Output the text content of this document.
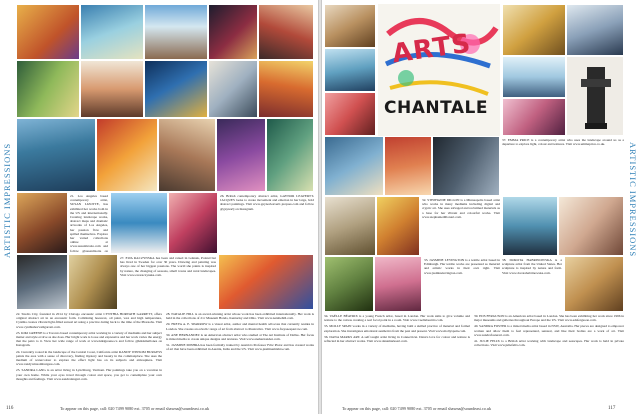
ARTISTIC IMPRESSIONS	21. Los Angeles based contemporary artist, SUSAN LIZOTTE, has exhibited her works both in the US and internationally. Creating landscape works, abstract maps and dramatic artworks of Los Angeles, her passion flow and spilled themselves. Explore her varied collections online at www.susanlizotte.com and follow @susanlizotte on
26. British contemporary abstract artist, GAYNOR LEAVERTT-JACQUES looks to create movement and emotion in her large, bold abstract paintings. Visit www.gaynorleavertt-jacques.com and follow @gaynorlj on Instagram.
27. EWA RACZYNSKA has been and raised in Gdansk, Poland but has lived in Sweden for over 30 years. Drawing and painting was always one of her biggest passions. The world she paints is inspired by nature, the changing of seasons, small towns and rural landscapes. Visit www.ewaraczynska.com.
22. Studio City, founded in 2014 by Chicago encaustic artist CYNTHIA HORVATH GARRETT, offers original abstract art in an encaustic form. Combining beeswax, oil paint, wax and high temperature, Cynthia creates vibrant light-filled surreal art using a practice dating back to the time of the Pharaohs. Visit www.cynthiahorvathgarrett.com.
23. KIKI GREENE is a Toronto based contemporary artist working in a variety of mediums and her subject matter and style evolve as she does. Her bright work is loose and expressive and her work varies the energy that the pairs to it. View her wide range of work at www.kikigreene.ca and follow @kikismallones on Instagram.
24. Currently rooted in the landscape of the Central Coast, California artist RANDY WINSOM BURGESS paints the area with a sense of discovery, finding mystery and beauty in the commonplace. She uses the medium of watercolour to explore the effect light has on its subjects and atmosphere. Visit www.randywinsomburgess.com.
25. SANDRA LANG is an artist living in Lynchburg, Vermont. Her paintings take you on a vacation in your own home. While your eyes travel through colour and space, you get to contemplate your own thoughts and feelings. Visit www.sandralangart.com.
28. NATALIE HILL is an award-winning artist whose work has been exhibited internationally. Her work is held in the collections of 21c Museum Hotels, Kentucky and Ohio. Visit www.nataliehill.com.
29. FREYA A. E. SPARROW is a visual artist, author and mental health advocate that currently resides in London. She creates an eclectic range of art from abstract to illustrative. Visit www.freyaaesparrow.com.
30. ANE HERNANDEZ is an American abstract artist who studied at The Art Institute of Dallas. Her focus is mixed media to create unique designs and textures. Visit www.anehernandez.com.
31. JASMINE MISHRA has been formally trained by Austria's Professor Fritz Pistor and has created works of art that have been exhibited in Austria, India and the US. Visit www.jasminemishra.com.
116	To appear on this page, call: 020 7499 9080 ext. 3705 or email shawna@soundeast.co.uk
ARTISTIC IMPRESSIONS
ARTS
CHANTALE
37. EMMA PRICE is a contemporary artist who uses the landscape around us as a departure to explore light, colour and textures. Visit www.emmaprice.co.uk.
32. STEPHANIE DILLON is a Minneapolis based artist who works in many mediums including digital and cryptic art. She uses salvaged and reclaimed materials as a base for her vibrant and colourful works. Visit www.stephaniedillonart.com.
33. JASMINE LEVINGTON is a textile artist based in Edinburgh. Her textile works are presented as material and artistic works in their own right. Visit www.jasminelevington.com.
38. DOROTA HABRINOWSKA is a sculpture artist from the United States. Her sculpture is inspired by nature and form. Visit www.dorotahabrinowska.com.
34. VAËLLE BÉATRIX is a young French artist, based in London. Her work aims to give volume and texture to the canvas creating a real focal point in a room. Visit www.vaellebeatrix.com.
35. MOLLY SPAIN works in a variety of mediums, having built a skilled practice of material and formal exploration. She investigates emotional aesthetics from the past and present. Visit www.mollyspain.com.
36. DANA MARKS ART. A self taught artist living in Connecticut. Dana's love for colour and texture is reflected in her abstract works. Visit www.danamarksart.com.
39. EDS FERGUSON is an American artist based in London. She has been exhibiting her work since 1996 in major museums and galleries throughout Europe and the US. Visit www.edsferguson.com.
40. SANDRA FOSTER is a mixed media artist based in NSW, Australia. Her pieces are designed to empower women and allow them to feel represented, sensual, and like their bodies are a work of art. Visit www.sandrafosterart.com.
41. JULIE FELIX is a British artist working with landscape and seascapes. Her work is held in private collections. Visit www.juliefelix.com.
To appear on this page, call: 020 7499 9080 ext. 3705 or email shawna@soundeast.co.uk	117
